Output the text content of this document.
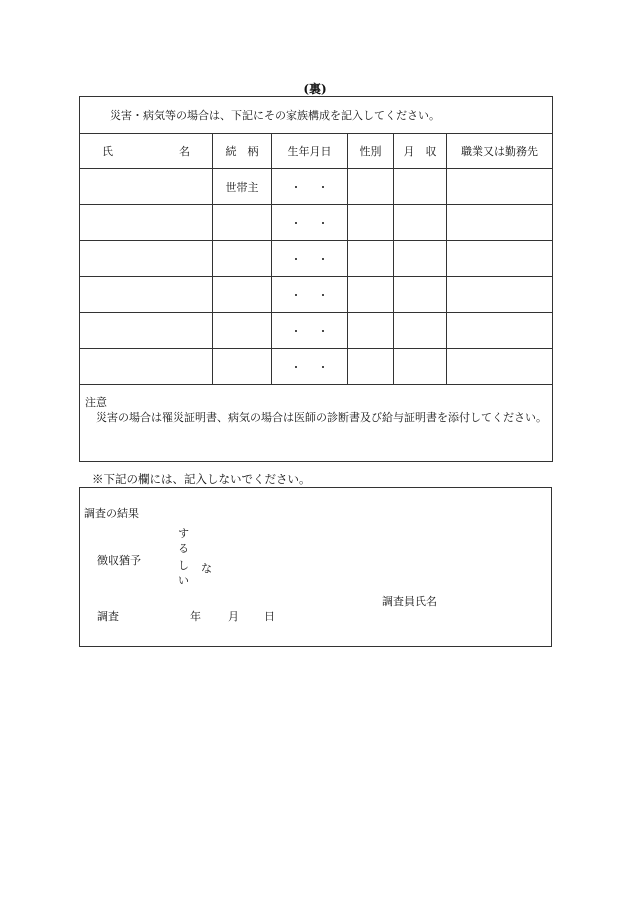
(裏)
災害・病気等の場合は、下記にその家族構成を記入してください。					

氏 名	続　柄	生年月日	性別	月　収	職業又は勤務先
	世帯主	・ ・			
		・ ・			
		・ ・			
		・ ・			
		・ ・			
		・ ・			

注意
災害の場合は罹災証明書、病気の場合は医師の診断書及び給与証明書を添付してください。					
※下記の欄には、記入しないでください。
調査の結果
徴収猶予
す
る
し
い
な
調査	年 月 日
調査員氏名
